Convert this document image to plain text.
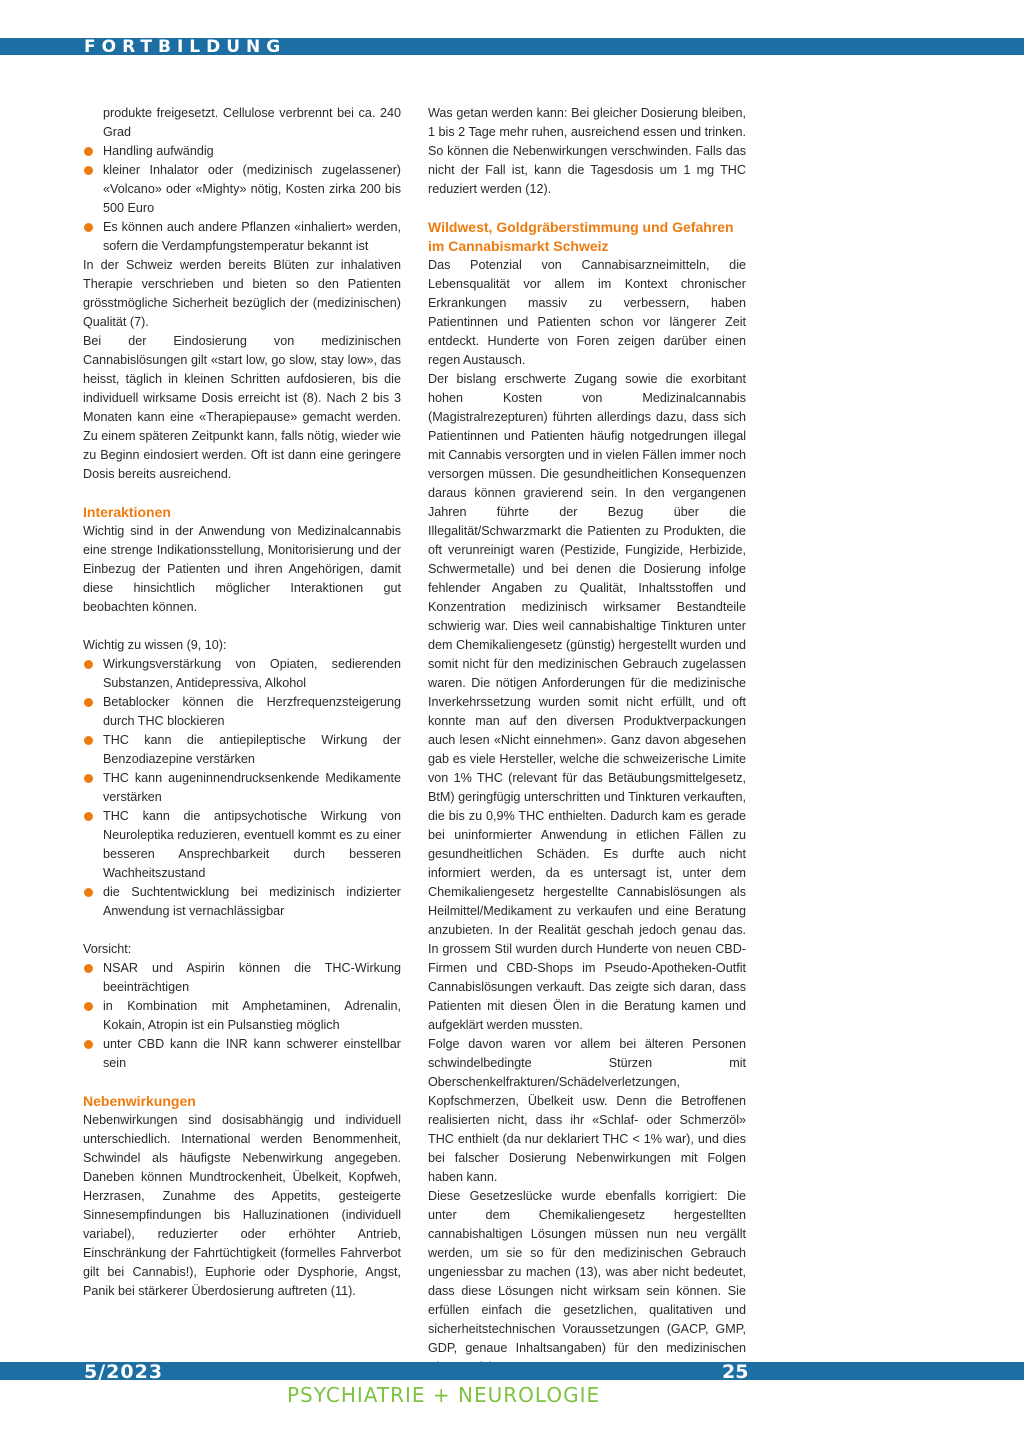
FORTBILDUNG
produkte freigesetzt. Cellulose verbrennt bei ca. 240 Grad
Handling aufwändig
kleiner Inhalator oder (medizinisch zugelassener) «Volcano» oder «Mighty» nötig, Kosten zirka 200 bis 500 Euro
Es können auch andere Pflanzen «inhaliert» werden, sofern die Verdampfungstemperatur bekannt ist

In der Schweiz werden bereits Blüten zur inhalativen Therapie verschrieben und bieten so den Patienten grösstmögliche Sicherheit bezüglich der (medizinischen) Qualität (7).

Bei der Eindosierung von medizinischen Cannabislösungen gilt «start low, go slow, stay low», das heisst, täglich in kleinen Schritten aufdosieren, bis die individuell wirksame Dosis erreicht ist (8). Nach 2 bis 3 Monaten kann eine «Therapiepause» gemacht werden. Zu einem späteren Zeitpunkt kann, falls nötig, wieder wie zu Beginn eindosiert werden. Oft ist dann eine geringere Dosis bereits ausreichend.

Interaktionen

Wichtig sind in der Anwendung von Medizinalcannabis eine strenge Indikationsstellung, Monitorisierung und der Einbezug der Patienten und ihren Angehörigen, damit diese hinsichtlich möglicher Interaktionen gut beobachten können.

Wichtig zu wissen (9, 10):

Wirkungsverstärkung von Opiaten, sedierenden Substanzen, Antidepressiva, Alkohol
Betablocker können die Herzfrequenzsteigerung durch THC blockieren
THC kann die antiepileptische Wirkung der Benzodiazepine verstärken
THC kann augeninnendrucksenkende Medikamente verstärken
THC kann die antipsychotische Wirkung von Neuroleptika reduzieren, eventuell kommt es zu einer besseren Ansprechbarkeit durch besseren Wachheitszustand
die Suchtentwicklung bei medizinisch indizierter Anwendung ist vernachlässigbar

Vorsicht:

NSAR und Aspirin können die THC-Wirkung beeinträchtigen
in Kombination mit Amphetaminen, Adrenalin, Kokain, Atropin ist ein Pulsanstieg möglich
unter CBD kann die INR kann schwerer einstellbar sein
Nebenwirkungen

Nebenwirkungen sind dosisabhängig und individuell unterschiedlich. International werden Benommenheit, Schwindel als häufigste Nebenwirkung angegeben. Daneben können Mundtrockenheit, Übelkeit, Kopfweh, Herzrasen, Zunahme des Appetits, gesteigerte Sinnesempfindungen bis Halluzinationen (individuell variabel), reduzierter oder erhöhter Antrieb, Einschränkung der Fahrtüchtigkeit (formelles Fahrverbot gilt bei Cannabis!), Euphorie oder Dysphorie, Angst, Panik bei stärkerer Überdosierung auftreten (11).

Was getan werden kann: Bei gleicher Dosierung bleiben, 1 bis 2 Tage mehr ruhen, ausreichend essen und trinken. So können die Nebenwirkungen verschwinden. Falls das nicht der Fall ist, kann die Tagesdosis um 1 mg THC reduziert werden (12).

Wildwest, Goldgräberstimmung und Gefahren im Cannabismarkt Schweiz

Das Potenzial von Cannabisarzneimitteln, die Lebensqualität vor allem im Kontext chronischer Erkrankungen massiv zu verbessern, haben Patientinnen und Patienten schon vor längerer Zeit entdeckt. Hunderte von Foren zeigen darüber einen regen Austausch.

Der bislang erschwerte Zugang sowie die exorbitant hohen Kosten von Medizinalcannabis (Magistralrezepturen) führten allerdings dazu, dass sich Patientinnen und Patienten häufig notgedrungen illegal mit Cannabis versorgten und in vielen Fällen immer noch versorgen müssen. Die gesundheitlichen Konsequenzen daraus können gravierend sein. In den vergangenen Jahren führte der Bezug über die Illegalität/Schwarzmarkt die Patienten zu Produkten, die oft verunreinigt waren (Pestizide, Fungizide, Herbizide, Schwermetalle) und bei denen die Dosierung infolge fehlender Angaben zu Qualität, Inhaltsstoffen und Konzentration medizinisch wirksamer Bestandteile schwierig war. Dies weil cannabishaltige Tinkturen unter dem Chemikaliengesetz (günstig) hergestellt wurden und somit nicht für den medizinischen Gebrauch zugelassen waren. Die nötigen Anforderungen für die medizinische Inverkehrssetzung wurden somit nicht erfüllt, und oft konnte man auf den diversen Produktverpackungen auch lesen «Nicht einnehmen». Ganz davon abgesehen gab es viele Hersteller, welche die schweizerische Limite von 1% THC (relevant für das Betäubungsmittelgesetz, BtM) geringfügig unterschritten und Tinkturen verkauften, die bis zu 0,9% THC enthielten. Dadurch kam es gerade bei uninformierter Anwendung in etlichen Fällen zu gesundheitlichen Schäden. Es durfte auch nicht informiert werden, da es untersagt ist, unter dem Chemikaliengesetz hergestellte Cannabislösungen als Heilmittel/Medikament zu verkaufen und eine Beratung anzubieten. In der Realität geschah jedoch genau das. In grossem Stil wurden durch Hunderte von neuen CBD-Firmen und CBD-Shops im Pseudo-Apotheken-Outfit Cannabislösungen verkauft. Das zeigte sich daran, dass Patienten mit diesen Ölen in die Beratung kamen und aufgeklärt werden mussten.

Folge davon waren vor allem bei älteren Personen schwindelbedingte Stürzen mit Oberschenkelfrakturen/Schädelverletzungen, Kopfschmerzen, Übelkeit usw. Denn die Betroffenen realisierten nicht, dass ihr «Schlaf- oder Schmerzöl» THC enthielt (da nur deklariert THC < 1% war), und dies bei falscher Dosierung Nebenwirkungen mit Folgen haben kann.

Diese Gesetzeslücke wurde ebenfalls korrigiert: Die unter dem Chemikaliengesetz hergestellten cannabishaltigen Lösungen müssen nun neu vergällt werden, um sie so für den medizinischen Gebrauch ungeniessbar zu machen (13), was aber nicht bedeutet, dass diese Lösungen nicht wirksam sein können. Sie erfüllen einfach die gesetzlichen, qualitativen und sicherheitstechnischen Voraussetzungen (GACP, GMP, GDP, genaue Inhaltsangaben) für den medizinischen

5/2023	25
PSYCHIATRIE + NEUROLOGIE
